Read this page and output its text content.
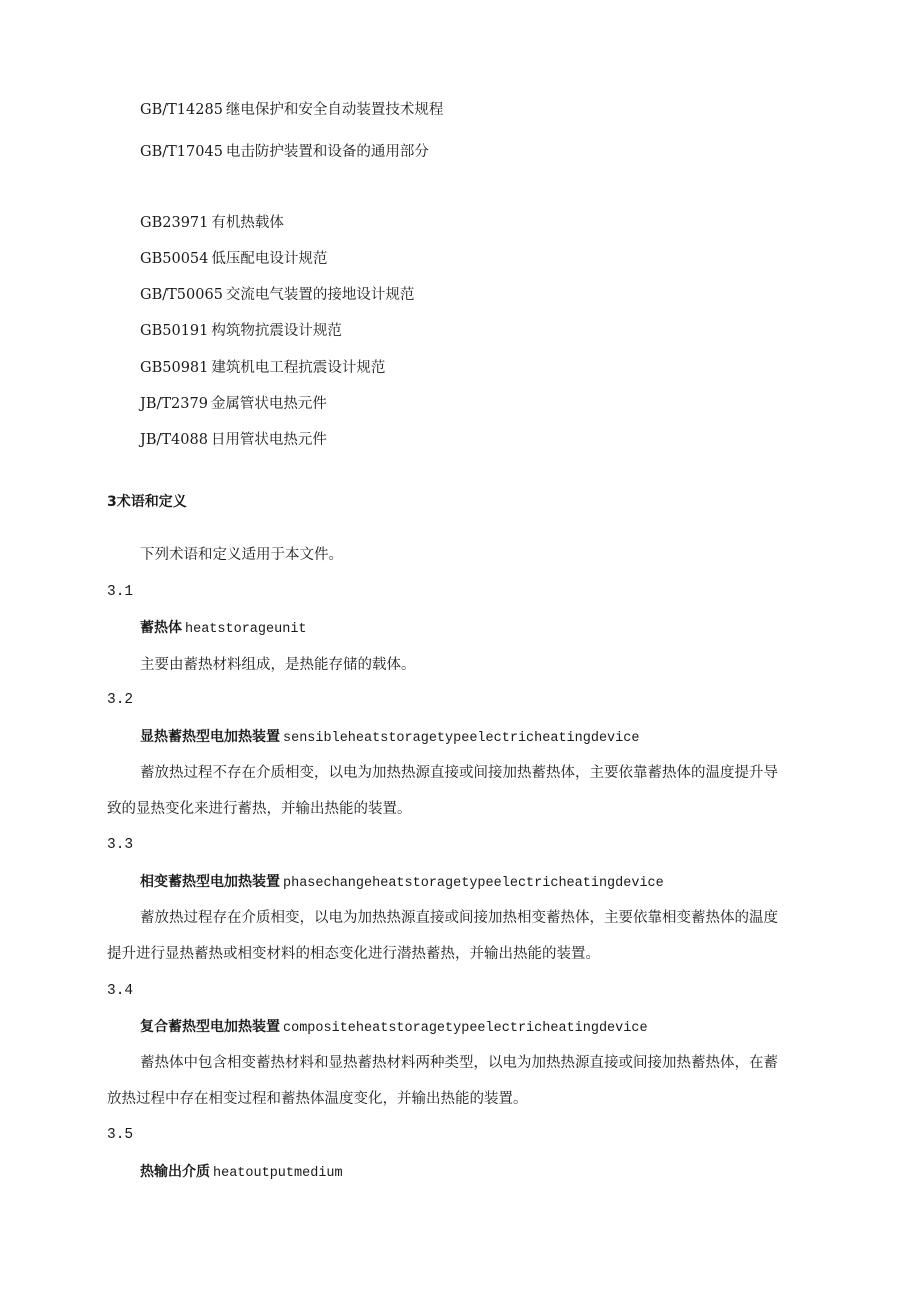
GB/T14285 继电保护和安全自动装置技术规程
GB/T17045 电击防护装置和设备的通用部分
GB23971 有机热载体
GB50054 低压配电设计规范
GB/T50065 交流电气装置的接地设计规范
GB50191 构筑物抗震设计规范
GB50981 建筑机电工程抗震设计规范
JB/T2379 金属管状电热元件
JB/T4088 日用管状电热元件
3术语和定义
下列术语和定义适用于本文件。
3.1
蓄热体 heatstorageunit
主要由蓄热材料组成，是热能存储的载体。
3.2
显热蓄热型电加热装置 sensibleheatstoragetypeelectricheatingdevice
蓄放热过程不存在介质相变，以电为加热热源直接或间接加热蓄热体，主要依靠蓄热体的温度提升导
致的显热变化来进行蓄热，并输出热能的装置。
3.3
相变蓄热型电加热装置 phasechangeheatstoragetypeelectricheatingdevice
蓄放热过程存在介质相变，以电为加热热源直接或间接加热相变蓄热体，主要依靠相变蓄热体的温度
提升进行显热蓄热或相变材料的相态变化进行潜热蓄热，并输出热能的装置。
3.4
复合蓄热型电加热装置 compositeheatstoragetypeelectricheatingdevice
蓄热体中包含相变蓄热材料和显热蓄热材料两种类型，以电为加热热源直接或间接加热蓄热体，在蓄
放热过程中存在相变过程和蓄热体温度变化，并输出热能的装置。
3.5
热输出介质 heatoutputmedium
